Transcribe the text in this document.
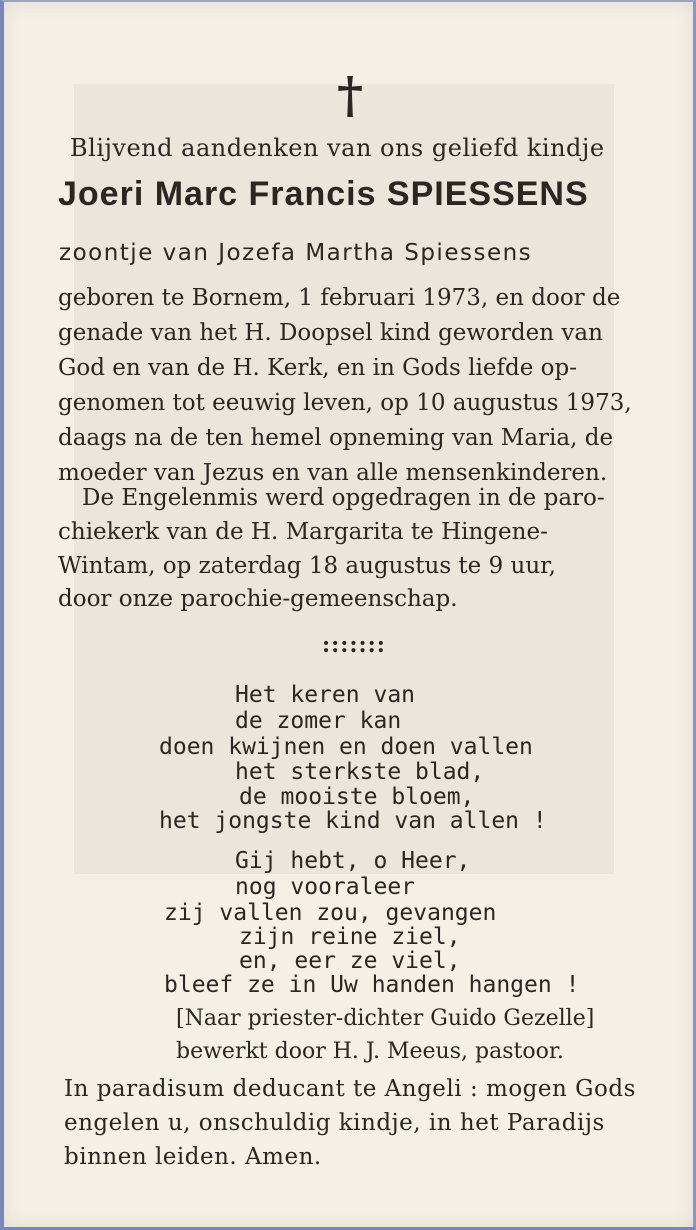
†

Blijvend aandenken van ons geliefd kindje

Joeri Marc Francis SPIESSENS

zoontje van Jozefa Martha Spiessens

geboren te Bornem, 1 februari 1973, en door de

genade van het H. Doopsel kind geworden van

God en van de H. Kerk, en in Gods liefde op-

genomen tot eeuwig leven, op 10 augustus 1973,

daags na de ten hemel opneming van Maria, de

moeder van Jezus en van alle mensenkinderen.

De Engelenmis werd opgedragen in de paro-

chiekerk van de H. Margarita te Hingene-

Wintam, op zaterdag 18 augustus te 9 uur,

door onze parochie-gemeenschap.

:::::::

Het keren van

de zomer kan

doen kwijnen en doen vallen

het sterkste blad,

de mooiste bloem,

het jongste kind van allen !

Gij hebt, o Heer,

nog vooraleer

zij vallen zou, gevangen

zijn reine ziel,

en, eer ze viel,

bleef ze in Uw handen hangen !

[Naar priester-dichter Guido Gezelle]

bewerkt door H. J. Meeus, pastoor.

In paradisum deducant te Angeli : mogen Gods

engelen u, onschuldig kindje, in het Paradijs

binnen leiden. Amen.
